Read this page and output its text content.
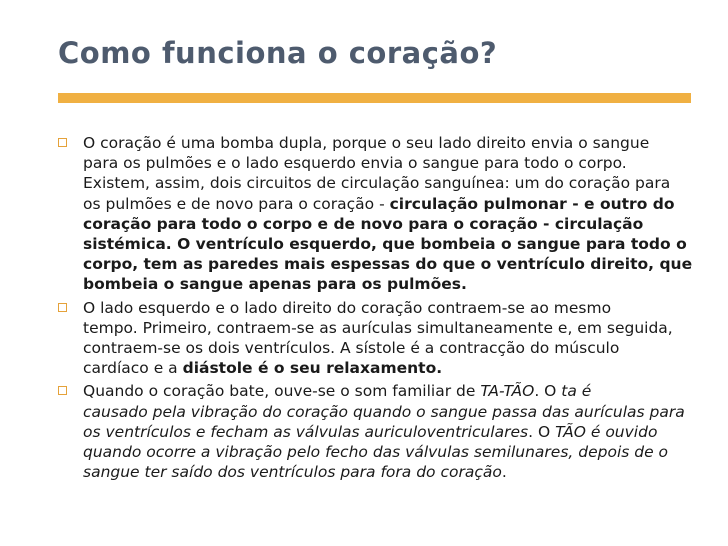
Como funciona o coração?
O coração é uma bomba dupla, porque o seu lado direito envia o sangue
para os pulmões e o lado esquerdo envia o sangue para todo o corpo.
Existem, assim, dois circuitos de circulação sanguínea: um do coração para
os pulmões e de novo para o coração - circulação pulmonar - e outro do
coração para todo o corpo e de novo para o coração - circulação
sistémica. O ventrículo esquerdo, que bombeia o sangue para todo o
corpo, tem as paredes mais espessas do que o ventrículo direito, que
bombeia o sangue apenas para os pulmões.
O lado esquerdo e o lado direito do coração contraem-se ao mesmo
tempo. Primeiro, contraem-se as aurículas simultaneamente e, em seguida,
contraem-se os dois ventrículos. A sístole é a contracção do músculo
cardíaco e a diástole é o seu relaxamento.
Quando o coração bate, ouve-se o som familiar de TA-TÃO. O ta é
causado pela vibração do coração quando o sangue passa das aurículas para
os ventrículos e fecham as válvulas auriculoventriculares. O TÃO é ouvido
quando ocorre a vibração pelo fecho das válvulas semilunares, depois de o
sangue ter saído dos ventrículos para fora do coração.
